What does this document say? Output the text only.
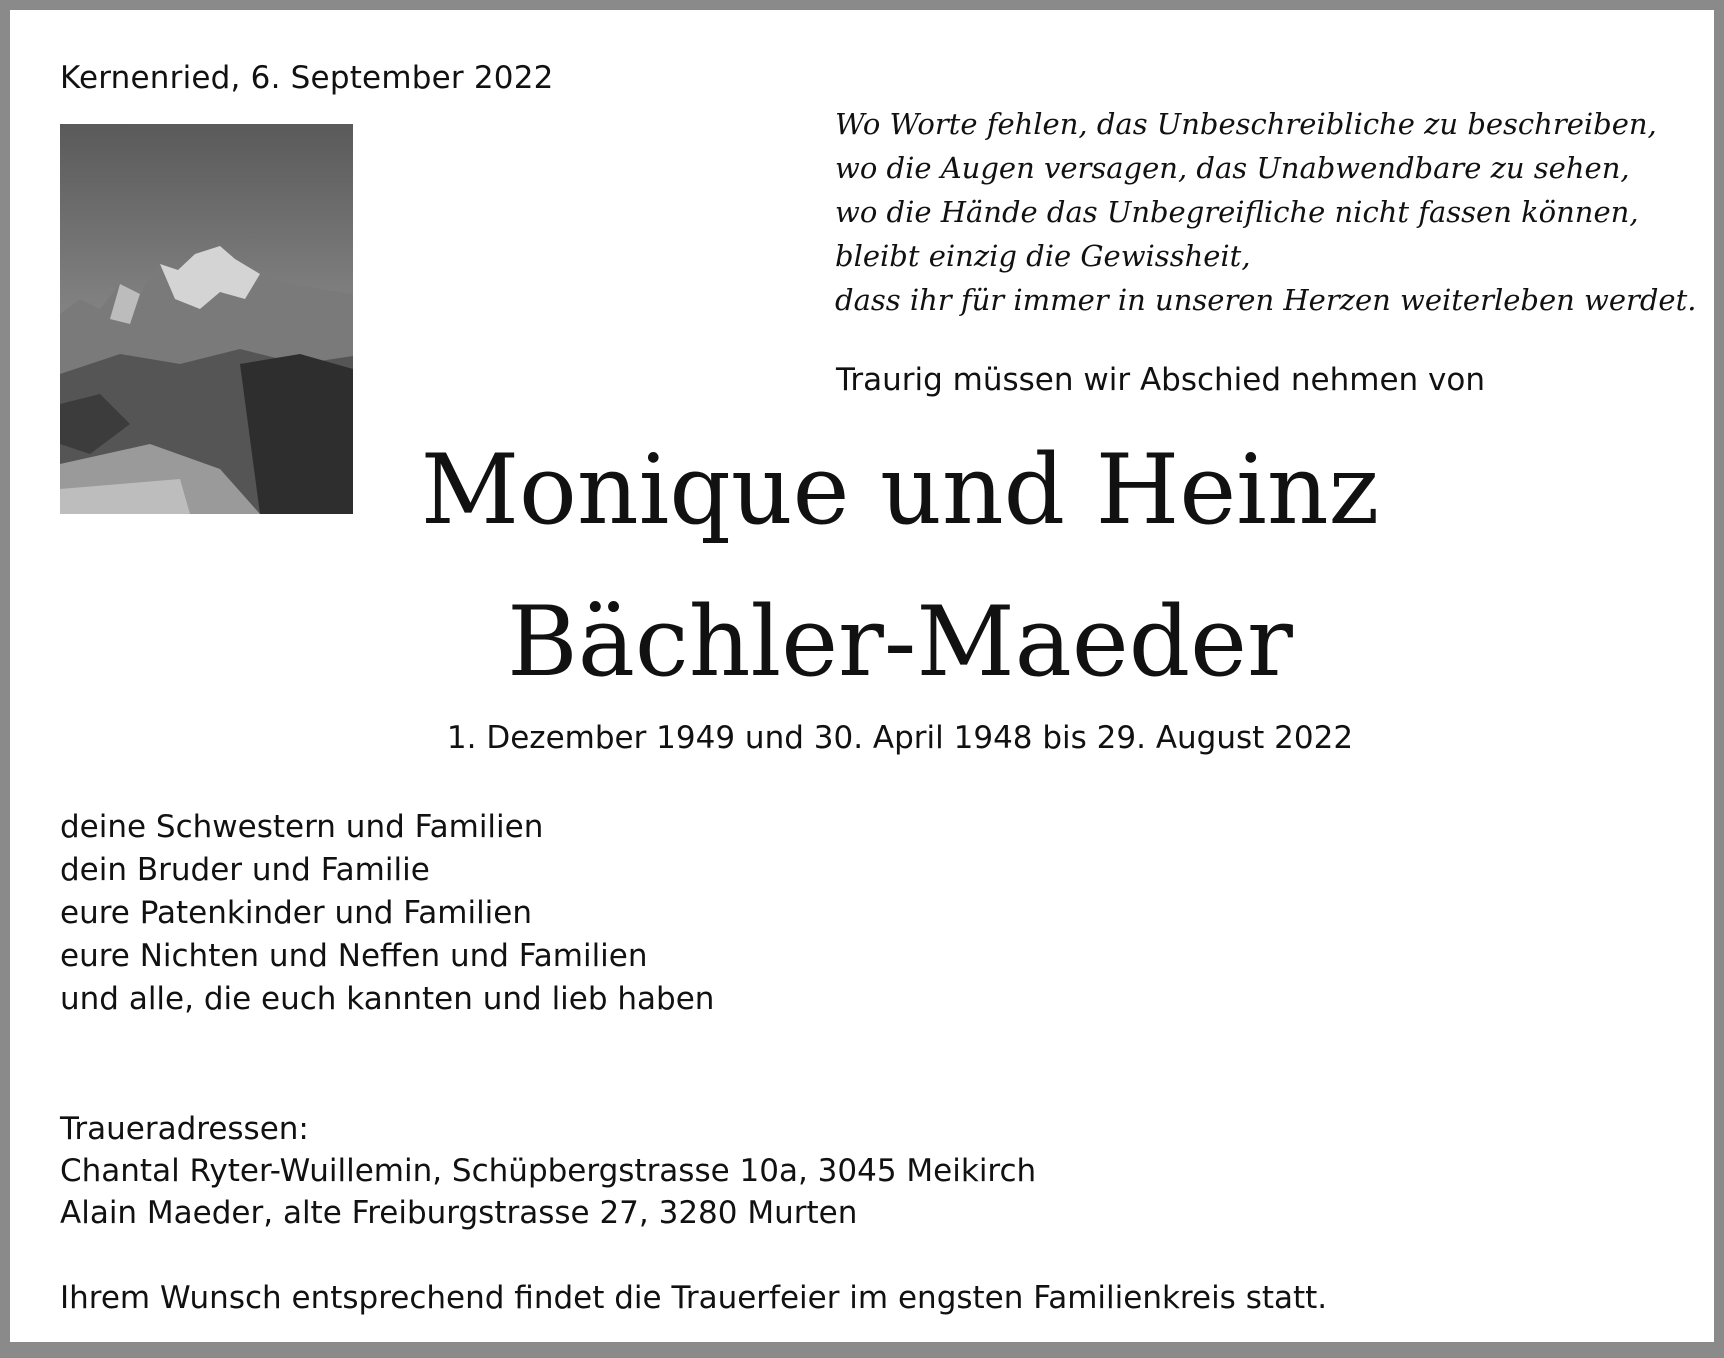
Kernenried, 6. September 2022
Wo Worte fehlen, das Unbeschreibliche zu beschreiben,
wo die Augen versagen, das Unabwendbare zu sehen,
wo die Hände das Unbegreifliche nicht fassen können,
bleibt einzig die Gewissheit,
dass ihr für immer in unseren Herzen weiterleben werdet.
Traurig müssen wir Abschied nehmen von
Monique und Heinz
Bächler-Maeder
1. Dezember 1949 und 30. April 1948 bis 29. August 2022
deine Schwestern und Familien
dein Bruder und Familie
eure Patenkinder und Familien
eure Nichten und Neffen und Familien
und alle, die euch kannten und lieb haben
Traueradressen:
Chantal Ryter-Wuillemin, Schüpbergstrasse 10a, 3045 Meikirch
Alain Maeder, alte Freiburgstrasse 27, 3280 Murten
Ihrem Wunsch entsprechend findet die Trauerfeier im engsten Familienkreis statt.
